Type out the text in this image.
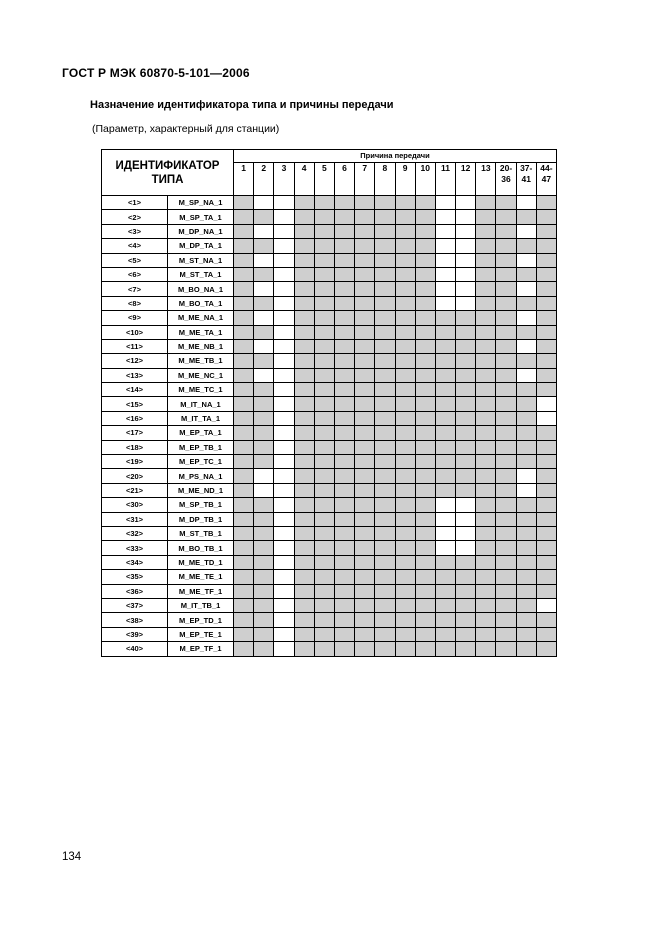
ГОСТ Р МЭК 60870-5-101—2006
Назначение идентификатора типа и причины передачи
(Параметр, характерный для станции)
ИДЕНТИФИКАТОР ТИПА		Причина передачи															
		1	2	3	4	5	6	7	8	9	10	11	12	13	20-36	37-41	44-47
<1>	M_SP_NA_1																
<2>	M_SP_TA_1																
<3>	M_DP_NA_1																
<4>	M_DP_TA_1																
<5>	M_ST_NA_1																
<6>	M_ST_TA_1																
<7>	M_BO_NA_1																
<8>	M_BO_TA_1																
<9>	M_ME_NA_1																
<10>	M_ME_TA_1																
<11>	M_ME_NB_1																
<12>	M_ME_TB_1																
<13>	M_ME_NC_1																
<14>	M_ME_TC_1																
<15>	M_IT_NA_1																
<16>	M_IT_TA_1																
<17>	M_EP_TA_1																
<18>	M_EP_TB_1																
<19>	M_EP_TC_1																
<20>	M_PS_NA_1																
<21>	M_ME_ND_1																
<30>	M_SP_TB_1																
<31>	M_DP_TB_1																
<32>	M_ST_TB_1																
<33>	M_BO_TB_1																
<34>	M_ME_TD_1																
<35>	M_ME_TE_1																
<36>	M_ME_TF_1																
<37>	M_IT_TB_1																
<38>	M_EP_TD_1																
<39>	M_EP_TE_1																
<40>	M_EP_TF_1																
134
